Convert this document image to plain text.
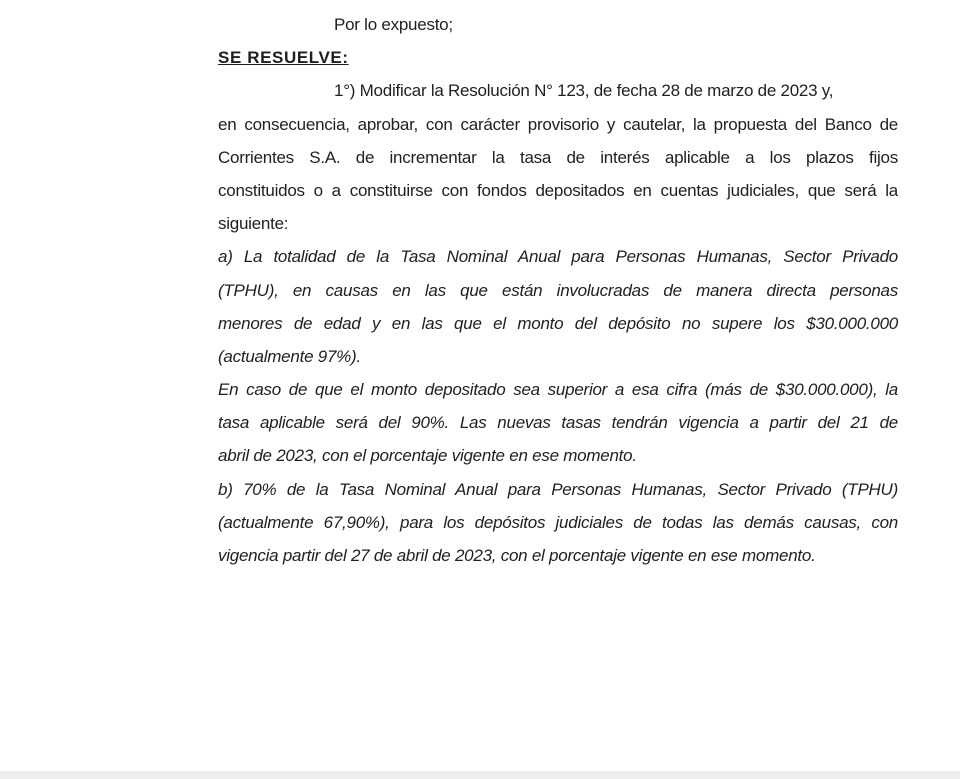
Por lo expuesto;
SE RESUELVE:
1°) Modificar la Resolución N° 123, de fecha 28 de marzo de 2023 y,
en consecuencia, aprobar, con carácter provisorio y cautelar, la propuesta del Banco de
Corrientes S.A. de incrementar la tasa de interés aplicable a los plazos fijos
constituidos o a constituirse con fondos depositados en cuentas judiciales, que será la
siguiente:
a) La totalidad de la Tasa Nominal Anual para Personas Humanas, Sector Privado
(TPHU), en causas en las que están involucradas de manera directa personas
menores de edad y en las que el monto del depósito no supere los $30.000.000
(actualmente 97%).
En caso de que el monto depositado sea superior a esa cifra (más de $30.000.000), la
tasa aplicable será del 90%. Las nuevas tasas tendrán vigencia a partir del 21 de
abril de 2023, con el porcentaje vigente en ese momento.
b) 70% de la Tasa Nominal Anual para Personas Humanas, Sector Privado (TPHU)
(actualmente 67,90%), para los depósitos judiciales de todas las demás causas, con
vigencia partir del 27 de abril de 2023, con el porcentaje vigente en ese momento.
